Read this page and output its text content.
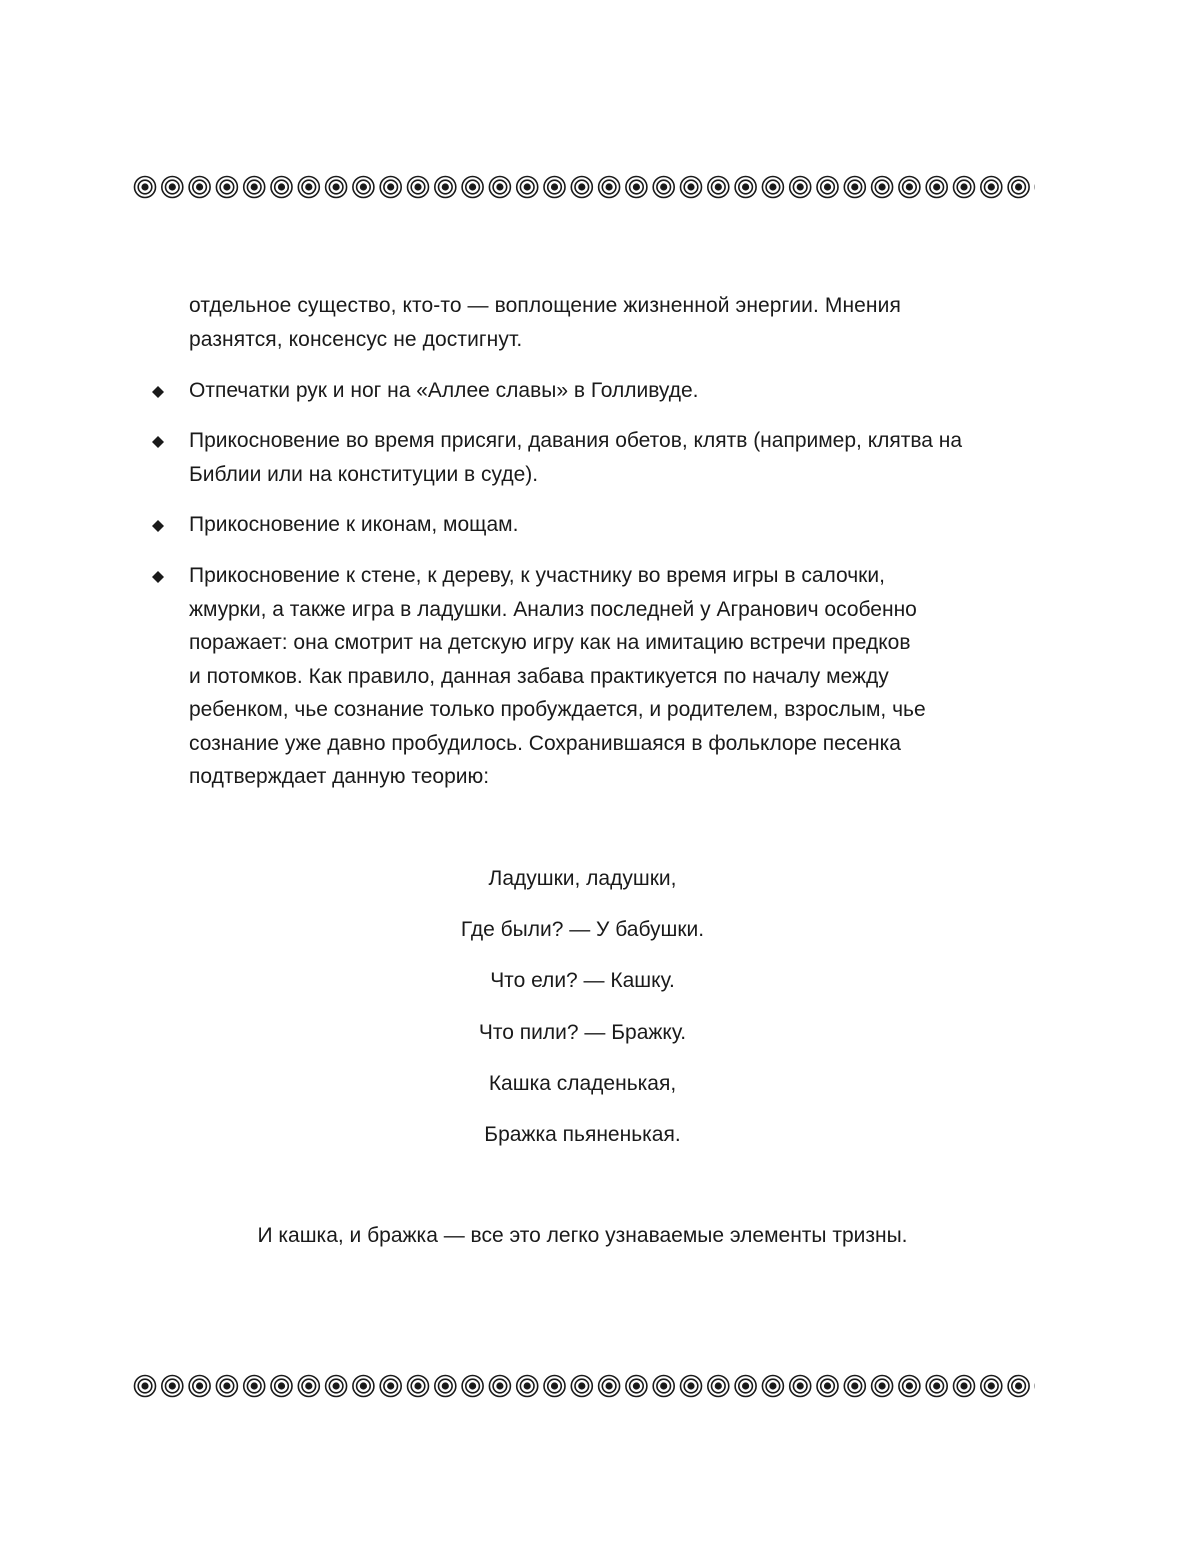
отдельное существо, кто-то — воплощение жизненной энергии. Мнения
разнятся, консенсус не достигнут.
Отпечатки рук и ног на «Аллее славы» в Голливуде.
Прикосновение во время присяги, давания обетов, клятв (например, клятва на
Библии или на конституции в суде).
Прикосновение к иконам, мощам.
Прикосновение к стене, к дереву, к участнику во время игры в салочки,
жмурки, а также игра в ладушки. Анализ последней у Агранович особенно
поражает: она смотрит на детскую игру как на имитацию встречи предков
и потомков. Как правило, данная забава практикуется по началу между
ребенком, чье сознание только пробуждается, и родителем, взрослым, чье
сознание уже давно пробудилось. Сохранившаяся в фольклоре песенка
подтверждает данную теорию:
Ладушки, ладушки,
Где были? — У бабушки.
Что ели? — Кашку.
Что пили? — Бражку.
Кашка сладенькая,
Бражка пьяненькая.
И кашка, и бражка — все это легко узнаваемые элементы тризны.
